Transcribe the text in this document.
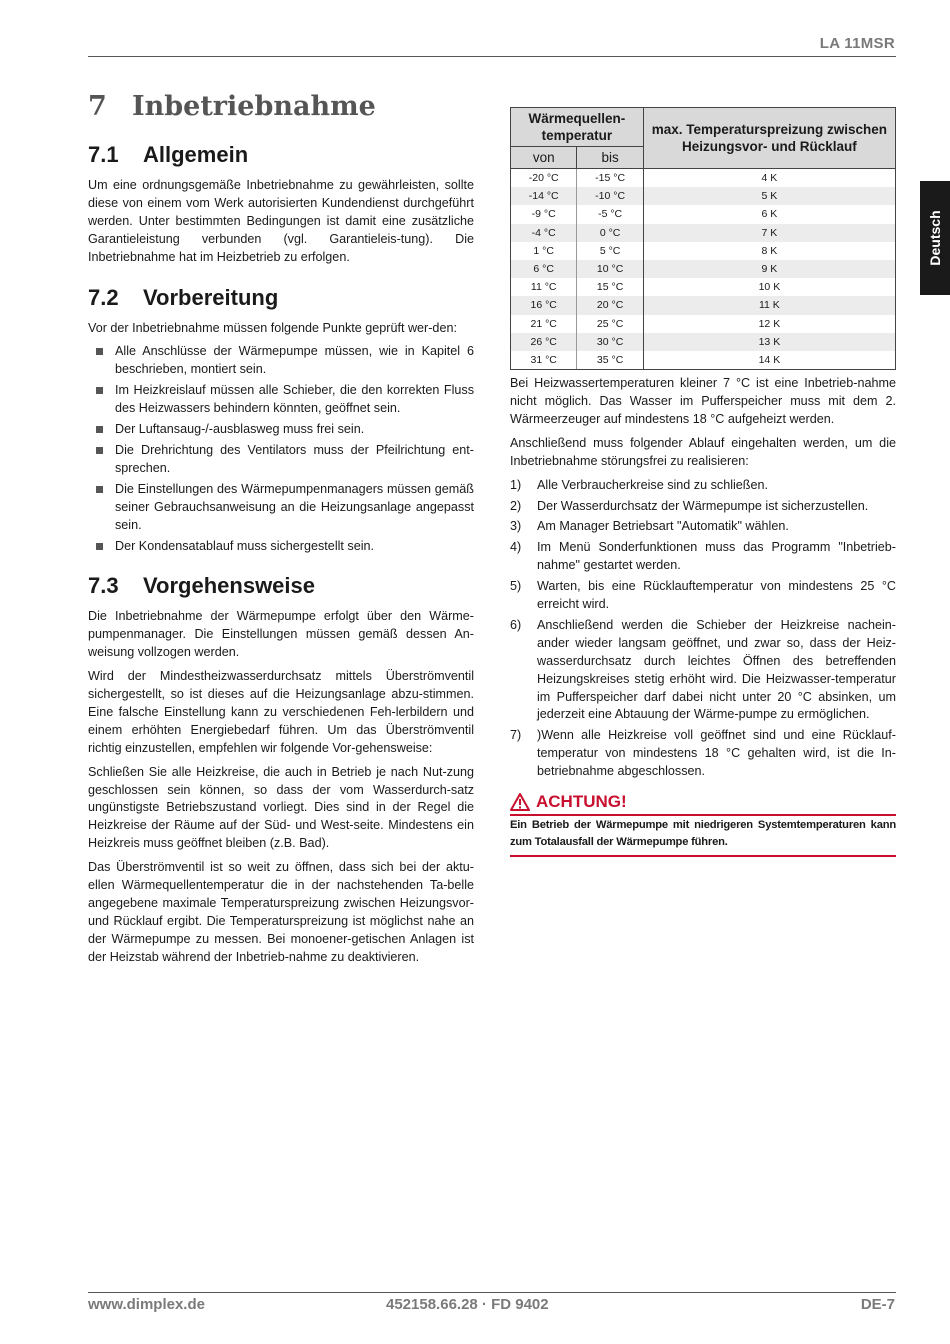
LA 11MSR
Deutsch
7 Inbetriebnahme
7.1 Allgemein

Um eine ordnungsgemäße Inbetriebnahme zu gewährleisten, sollte diese von einem vom Werk autorisierten Kundendienst durchgeführt werden. Unter bestimmten Bedingungen ist damit eine zusätzliche Garantieleistung verbunden (vgl. Garantieleis-tung). Die Inbetriebnahme hat im Heizbetrieb zu erfolgen.

7.2 Vorbereitung

Vor der Inbetriebnahme müssen folgende Punkte geprüft wer-den:

Alle Anschlüsse der Wärmepumpe müssen, wie in Kapitel 6 beschrieben, montiert sein.
Im Heizkreislauf müssen alle Schieber, die den korrekten Fluss des Heizwassers behindern könnten, geöffnet sein.
Der Luftansaug-/-ausblasweg muss frei sein.
Die Drehrichtung des Ventilators muss der Pfeilrichtung ent-sprechen.
Die Einstellungen des Wärmepumpenmanagers müssen gemäß seiner Gebrauchsanweisung an die Heizungsanlage angepasst sein.
Der Kondensatablauf muss sichergestellt sein.
7.3 Vorgehensweise

Die Inbetriebnahme der Wärmepumpe erfolgt über den Wärme-pumpenmanager. Die Einstellungen müssen gemäß dessen An-weisung vollzogen werden.

Wird der Mindestheizwasserdurchsatz mittels Überströmventil sichergestellt, so ist dieses auf die Heizungsanlage abzu-stimmen. Eine falsche Einstellung kann zu verschiedenen Feh-lerbildern und einem erhöhten Energiebedarf führen. Um das Überströmventil richtig einzustellen, empfehlen wir folgende Vor-gehensweise:

Schließen Sie alle Heizkreise, die auch in Betrieb je nach Nut-zung geschlossen sein können, so dass der vom Wasserdurch-satz ungünstigste Betriebszustand vorliegt. Dies sind in der Regel die Heizkreise der Räume auf der Süd- und West-seite. Mindestens ein Heizkreis muss geöffnet bleiben (z.B. Bad).

Das Überströmventil ist so weit zu öffnen, dass sich bei der aktu-ellen Wärmequellentemperatur die in der nachstehenden Ta-belle angegebene maximale Temperaturspreizung zwischen Heizungsvor- und Rücklauf ergibt. Die Temperaturspreizung ist möglichst nahe an der Wärmepumpe zu messen. Bei monoener-getischen Anlagen ist der Heizstab während der Inbetrieb-nahme zu deaktivieren.

Wärmequellen-temperatur		max. Temperaturspreizung zwischen Heizungsvor- und Rücklauf
von	bis	
-20 °C	-15 °C	4 K
-14 °C	-10 °C	5 K
-9 °C	-5 °C	6 K
-4 °C	0 °C	7 K
1 °C	5 °C	8 K
6 °C	10 °C	9 K
11 °C	15 °C	10 K
16 °C	20 °C	11 K
21 °C	25 °C	12 K
26 °C	30 °C	13 K
31 °C	35 °C	14 K

Bei Heizwassertemperaturen kleiner 7 °C ist eine Inbetrieb-nahme nicht möglich. Das Wasser im Pufferspeicher muss mit dem 2. Wärmeerzeuger auf mindestens 18 °C aufgeheizt werden.

Anschließend muss folgender Ablauf eingehalten werden, um die Inbetriebnahme störungsfrei zu realisieren:

1) Alle Verbraucherkreise sind zu schließen.
2) Der Wasserdurchsatz der Wärmepumpe ist sicherzustellen.
3) Am Manager Betriebsart "Automatik" wählen.
4) Im Menü Sonderfunktionen muss das Programm "Inbetrieb-nahme" gestartet werden.
5) Warten, bis eine Rücklauftemperatur von mindestens 25 °C erreicht wird.
6) Anschließend werden die Schieber der Heizkreise nachein-ander wieder langsam geöffnet, und zwar so, dass der Heiz-wasserdurchsatz durch leichtes Öffnen des betreffenden Heizungskreises stetig erhöht wird. Die Heizwasser-temperatur im Pufferspeicher darf dabei nicht unter 20 °C absinken, um jederzeit eine Abtauung der Wärme-pumpe zu ermöglichen.
7) )Wenn alle Heizkreise voll geöffnet sind und eine Rücklauf-temperatur von mindestens 18 °C gehalten wird, ist die In-betriebnahme abgeschlossen.
ACHTUNG!
Ein Betrieb der Wärmepumpe mit niedrigeren Systemtemperaturen kann zum Totalausfall der Wärmepumpe führen.
www.dimplex.de	452158.66.28 · FD 9402	DE-7
